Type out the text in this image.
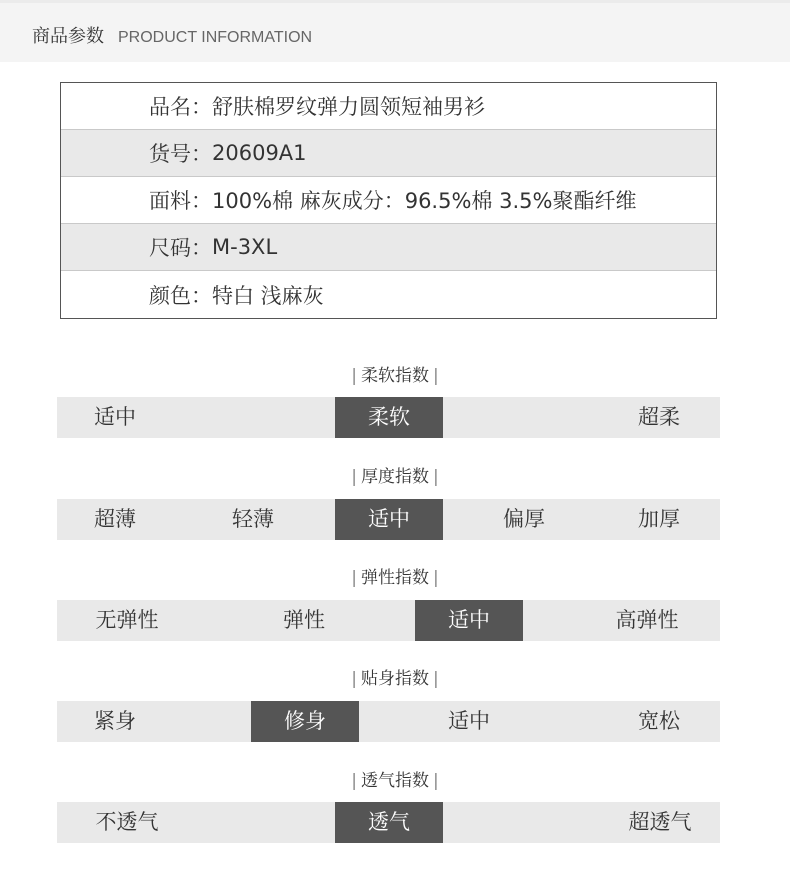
商品参数 PRODUCT INFORMATION
品名： 舒肤棉罗纹弹力圆领短袖男衫
货号： 20609A1
面料： 100%棉 麻灰成分：96.5%棉 3.5%聚酯纤维
尺码： M-3XL
颜色： 特白 浅麻灰
| 柔软指数 |
适中	柔软	超柔
| 厚度指数 |
超薄	轻薄	适中	偏厚	加厚
| 弹性指数 |
无弹性	弹性	适中	高弹性
| 贴身指数 |
紧身	修身	适中	宽松
| 透气指数 |
不透气	透气	超透气
